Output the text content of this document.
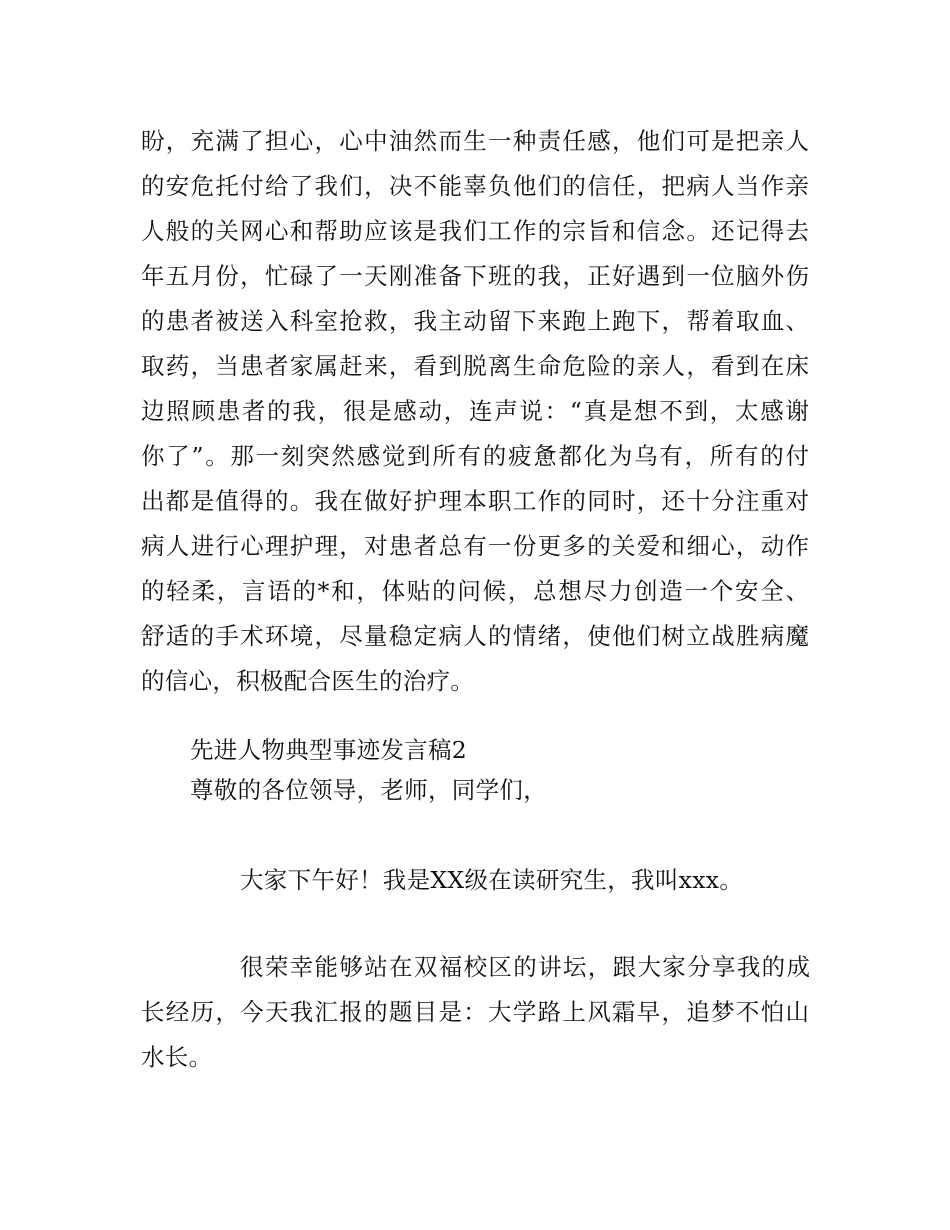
盼，充满了担心，心中油然而生一种责任感，他们可是把亲人
的安危托付给了我们，决不能辜负他们的信任，把病人当作亲
人般的关网心和帮助应该是我们工作的宗旨和信念。还记得去
年五月份，忙碌了一天刚准备下班的我，正好遇到一位脑外伤
的患者被送入科室抢救，我主动留下来跑上跑下，帮着取血、
取药，当患者家属赶来，看到脱离生命危险的亲人，看到在床
边照顾患者的我，很是感动，连声说：“真是想不到，太感谢
你了”。那一刻突然感觉到所有的疲惫都化为乌有，所有的付
出都是值得的。我在做好护理本职工作的同时，还十分注重对
病人进行心理护理，对患者总有一份更多的关爱和细心，动作
的轻柔，言语的*和，体贴的问候，总想尽力创造一个安全、
舒适的手术环境，尽量稳定病人的情绪，使他们树立战胜病魔
的信心，积极配合医生的治疗。
先进人物典型事迹发言稿2
尊敬的各位领导，老师，同学们，
大家下午好！我是XX级在读研究生，我叫xxx。
很荣幸能够站在双福校区的讲坛，跟大家分享我的成
长经历，今天我汇报的题目是：大学路上风霜早，追梦不怕山
水长。
